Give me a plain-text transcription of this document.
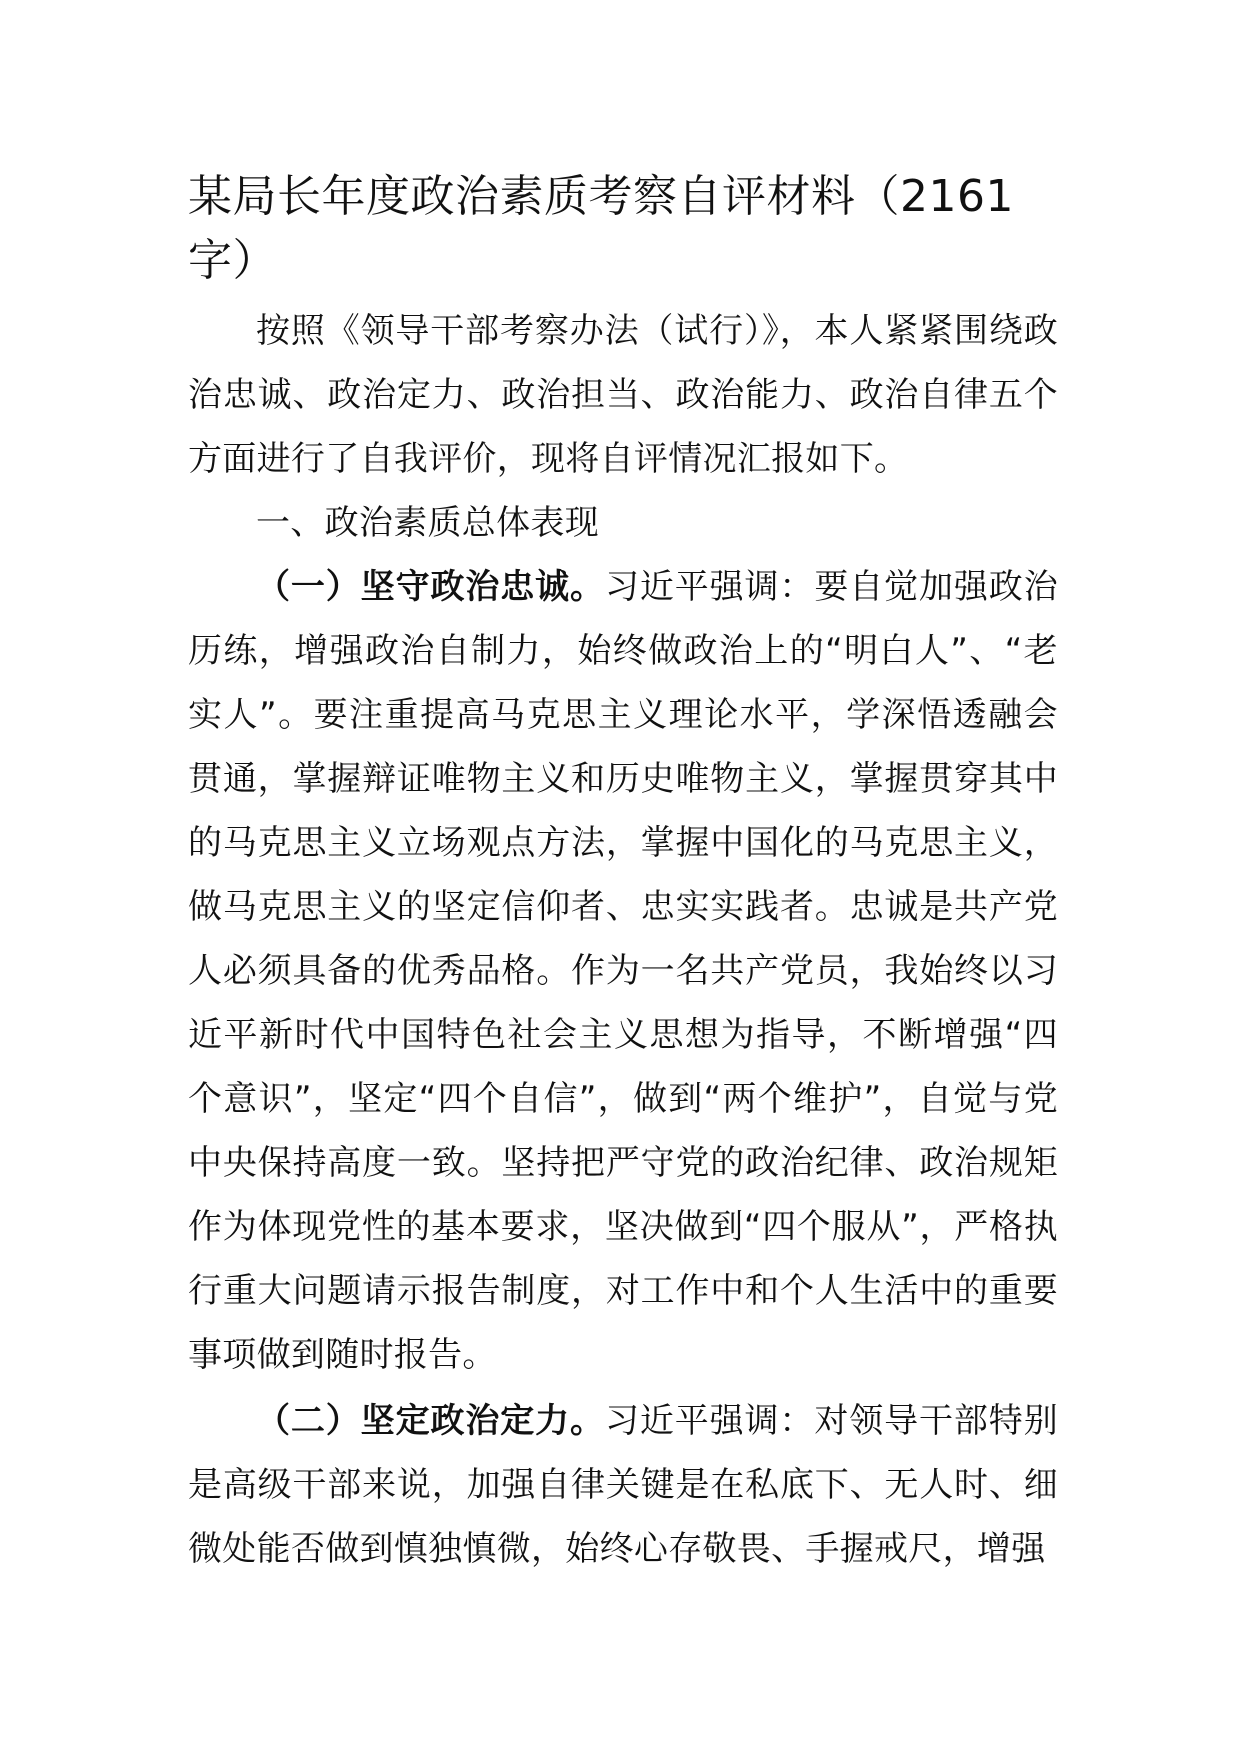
某局长年度政治素质考察自评材料（2161字）

按照《领导干部考察办法（试行）》，本人紧紧围绕政治忠诚、政治定力、政治担当、政治能力、政治自律五个方面进行了自我评价，现将自评情况汇报如下。

一、政治素质总体表现

（一）坚守政治忠诚。习近平强调：要自觉加强政治历练，增强政治自制力，始终做政治上的“明白人”、“老实人”。要注重提高马克思主义理论水平，学深悟透融会贯通，掌握辩证唯物主义和历史唯物主义，掌握贯穿其中的马克思主义立场观点方法，掌握中国化的马克思主义，做马克思主义的坚定信仰者、忠实实践者。忠诚是共产党人必须具备的优秀品格。作为一名共产党员，我始终以习近平新时代中国特色社会主义思想为指导，不断增强“四个意识”，坚定“四个自信”，做到“两个维护”，自觉与党中央保持高度一致。坚持把严守党的政治纪律、政治规矩作为体现党性的基本要求，坚决做到“四个服从”，严格执行重大问题请示报告制度，对工作中和个人生活中的重要事项做到随时报告。

（二）坚定政治定力。习近平强调：对领导干部特别是高级干部来说，加强自律关键是在私底下、无人时、细微处能否做到慎独慎微，始终心存敬畏、手握戒尺，增强
